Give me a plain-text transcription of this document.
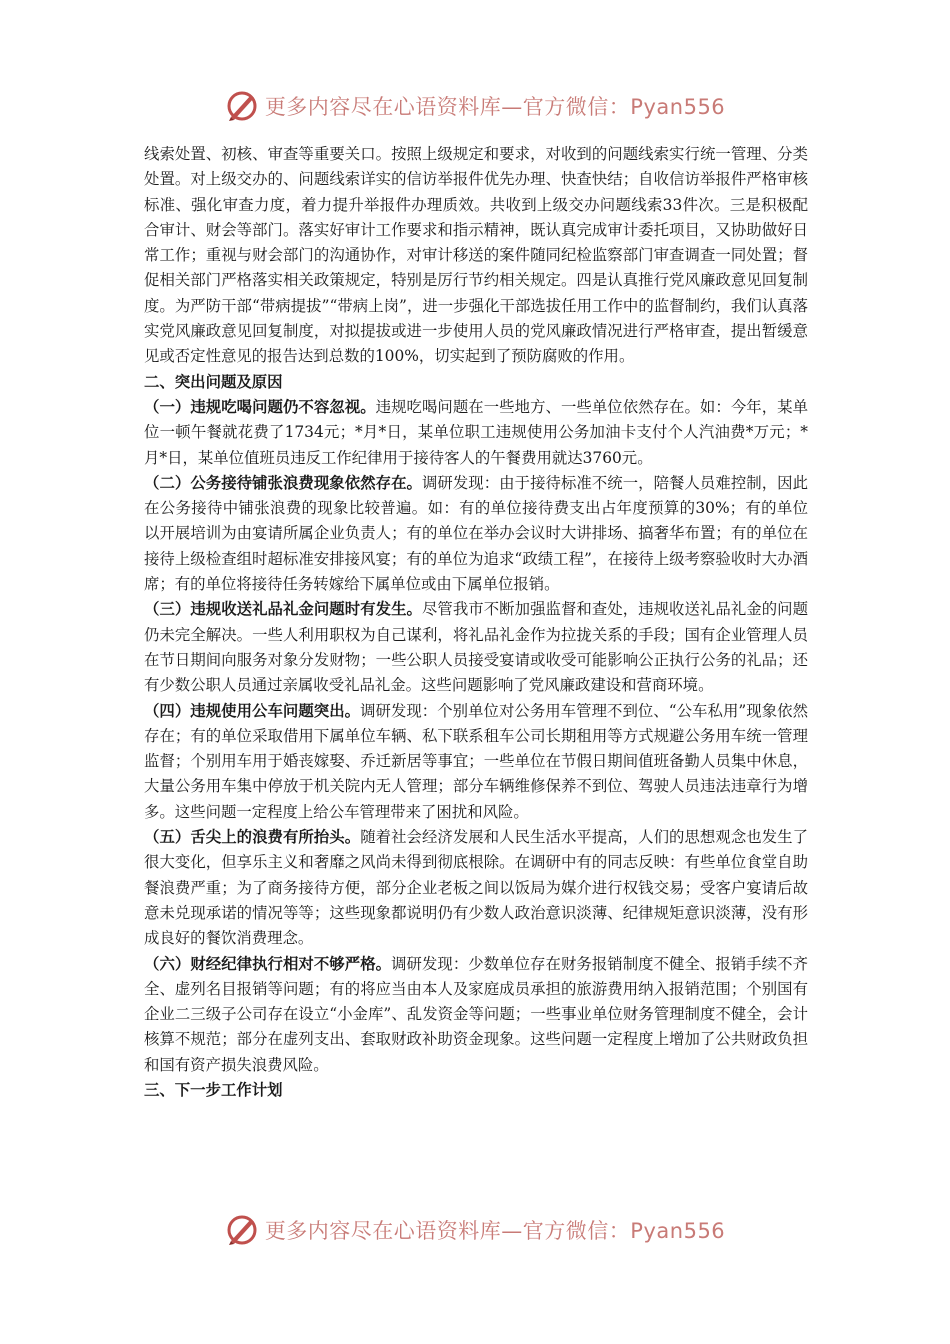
更多内容尽在心语资料库—官方微信：Pyan556

线索处置、初核、审查等重要关口。按照上级规定和要求，对收到的问题线索实行统一管理、分类处置。对上级交办的、问题线索详实的信访举报件优先办理、快查快结；自收信访举报件严格审核标准、强化审查力度，着力提升举报件办理质效。共收到上级交办问题线索33件次。三是积极配合审计、财会等部门。落实好审计工作要求和指示精神，既认真完成审计委托项目，又协助做好日常工作；重视与财会部门的沟通协作，对审计移送的案件随同纪检监察部门审查调查一同处置；督促相关部门严格落实相关政策规定，特别是厉行节约相关规定。四是认真推行党风廉政意见回复制度。为严防干部“带病提拔”“带病上岗”，进一步强化干部选拔任用工作中的监督制约，我们认真落实党风廉政意见回复制度，对拟提拔或进一步使用人员的党风廉政情况进行严格审查，提出暂缓意见或否定性意见的报告达到总数的100%，切实起到了预防腐败的作用。

二、突出问题及原因

（一）违规吃喝问题仍不容忽视。违规吃喝问题在一些地方、一些单位依然存在。如：今年，某单位一顿午餐就花费了1734元；*月*日，某单位职工违规使用公务加油卡支付个人汽油费*万元；*月*日，某单位值班员违反工作纪律用于接待客人的午餐费用就达3760元。

（二）公务接待铺张浪费现象依然存在。调研发现：由于接待标准不统一，陪餐人员难控制，因此在公务接待中铺张浪费的现象比较普遍。如：有的单位接待费支出占年度预算的30%；有的单位以开展培训为由宴请所属企业负责人；有的单位在举办会议时大讲排场、搞奢华布置；有的单位在接待上级检查组时超标准安排接风宴；有的单位为追求“政绩工程”，在接待上级考察验收时大办酒席；有的单位将接待任务转嫁给下属单位或由下属单位报销。

（三）违规收送礼品礼金问题时有发生。尽管我市不断加强监督和查处，违规收送礼品礼金的问题仍未完全解决。一些人利用职权为自己谋利，将礼品礼金作为拉拢关系的手段；国有企业管理人员在节日期间向服务对象分发财物；一些公职人员接受宴请或收受可能影响公正执行公务的礼品；还有少数公职人员通过亲属收受礼品礼金。这些问题影响了党风廉政建设和营商环境。

（四）违规使用公车问题突出。调研发现：个别单位对公务用车管理不到位、“公车私用”现象依然存在；有的单位采取借用下属单位车辆、私下联系租车公司长期租用等方式规避公务用车统一管理监督；个别用车用于婚丧嫁娶、乔迁新居等事宜；一些单位在节假日期间值班备勤人员集中休息，大量公务用车集中停放于机关院内无人管理；部分车辆维修保养不到位、驾驶人员违法违章行为增多。这些问题一定程度上给公车管理带来了困扰和风险。

（五）舌尖上的浪费有所抬头。随着社会经济发展和人民生活水平提高，人们的思想观念也发生了很大变化，但享乐主义和奢靡之风尚未得到彻底根除。在调研中有的同志反映：有些单位食堂自助餐浪费严重；为了商务接待方便，部分企业老板之间以饭局为媒介进行权钱交易；受客户宴请后故意未兑现承诺的情况等等；这些现象都说明仍有少数人政治意识淡薄、纪律规矩意识淡薄，没有形成良好的餐饮消费理念。

（六）财经纪律执行相对不够严格。调研发现：少数单位存在财务报销制度不健全、报销手续不齐全、虚列名目报销等问题；有的将应当由本人及家庭成员承担的旅游费用纳入报销范围；个别国有企业二三级子公司存在设立“小金库”、乱发资金等问题；一些事业单位财务管理制度不健全，会计核算不规范；部分在虚列支出、套取财政补助资金现象。这些问题一定程度上增加了公共财政负担和国有资产损失浪费风险。

三、下一步工作计划

更多内容尽在心语资料库—官方微信：Pyan556
